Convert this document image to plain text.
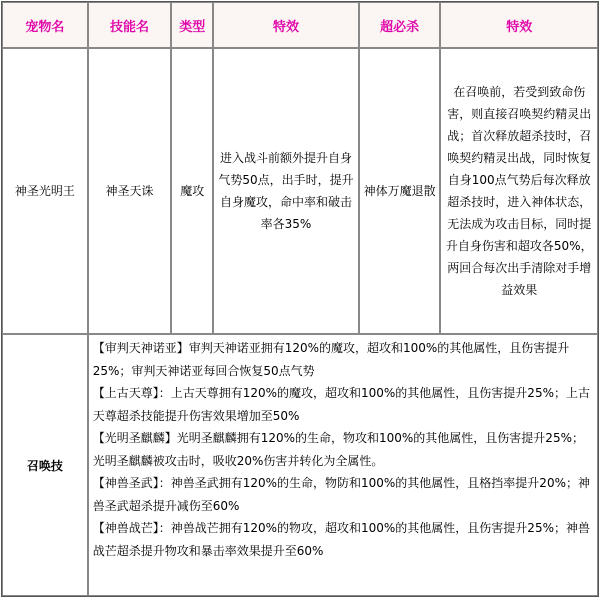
宠物名	技能名	类型	特效	超必杀	特效
神圣光明王	神圣天诛	魔攻	进入战斗前额外提升自身气势50点，出手时，提升自身魔攻，命中率和破击率各35%	神体万魔退散	在召唤前，若受到致命伤害，则直接召唤契约精灵出战；首次释放超杀技时，召唤契约精灵出战，同时恢复自身100点气势后每次释放超杀技时，进入神体状态，无法成为攻击目标，同时提升自身伤害和超攻各50%，两回合每次出手清除对手增益效果
召唤技	【审判天神诺亚】审判天神诺亚拥有120%的魔攻，超攻和100%的其他属性，且伤害提升25%；审判天神诺亚每回合恢复50点气势
【上古天尊】：上古天尊拥有120%的魔攻，超攻和100%的其他属性，且伤害提升25%；上古天尊超杀技能提升伤害效果增加至50%
【光明圣麒麟】光明圣麒麟拥有120%的生命，物攻和100%的其他属性，且伤害提升25%；光明圣麒麟被攻击时，吸收20%伤害并转化为全属性。
【神兽圣武】：神兽圣武拥有120%的生命，物防和100%的其他属性，且格挡率提升20%；神兽圣武超杀提升减伤至60%
【神兽战芒】：神兽战芒拥有120%的物攻，超攻和100%的其他属性，且伤害提升25%；神兽战芒超杀提升物攻和暴击率效果提升至60%				
